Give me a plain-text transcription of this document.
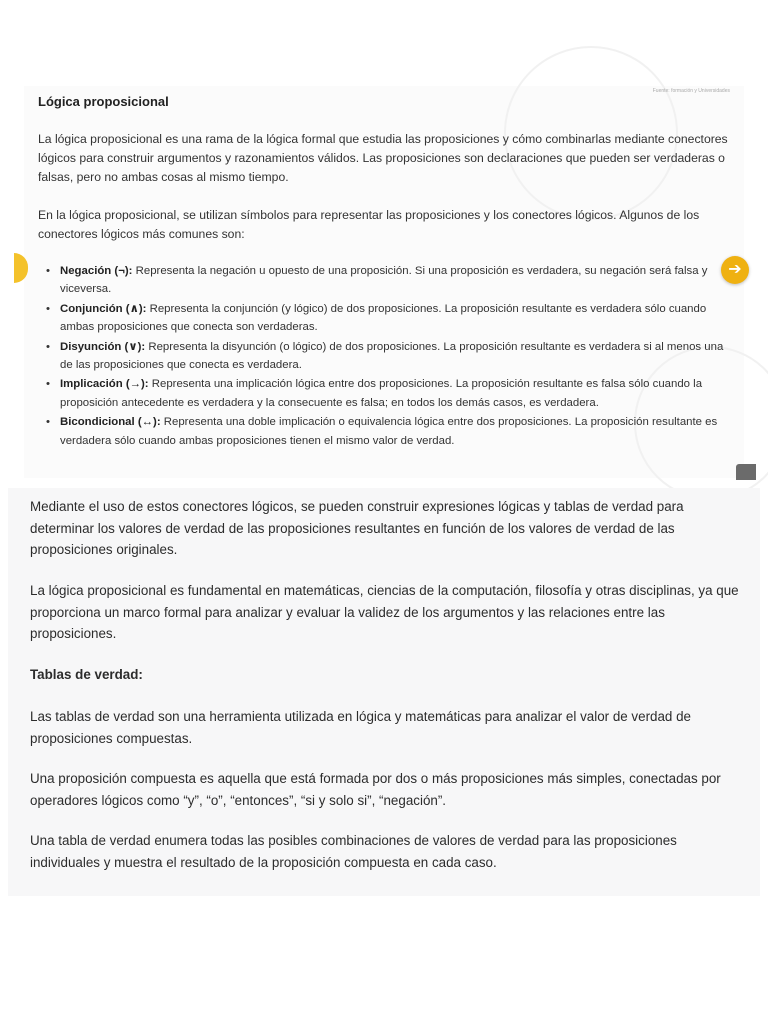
Fuente: formación y Universidades
Lógica proposicional

La lógica proposicional es una rama de la lógica formal que estudia las proposiciones y cómo combinarlas mediante conectores lógicos para construir argumentos y razonamientos válidos. Las proposiciones son declaraciones que pueden ser verdaderas o falsas, pero no ambas cosas al mismo tiempo.

En la lógica proposicional, se utilizan símbolos para representar las proposiciones y los conectores lógicos. Algunos de los conectores lógicos más comunes son:

• Negación (¬): Representa la negación u opuesto de una proposición. Si una proposición es verdadera, su negación será falsa y viceversa.
• Conjunción (∧): Representa la conjunción (y lógico) de dos proposiciones. La proposición resultante es verdadera sólo cuando ambas proposiciones que conecta son verdaderas.
• Disyunción (∨): Representa la disyunción (o lógico) de dos proposiciones. La proposición resultante es verdadera si al menos una de las proposiciones que conecta es verdadera.
• Implicación (→): Representa una implicación lógica entre dos proposiciones. La proposición resultante es falsa sólo cuando la proposición antecedente es verdadera y la consecuente es falsa; en todos los demás casos, es verdadera.
• Bicondicional (↔): Representa una doble implicación o equivalencia lógica entre dos proposiciones. La proposición resultante es verdadera sólo cuando ambas proposiciones tienen el mismo valor de verdad.
➔

Mediante el uso de estos conectores lógicos, se pueden construir expresiones lógicas y tablas de verdad para determinar los valores de verdad de las proposiciones resultantes en función de los valores de verdad de las proposiciones originales.

La lógica proposicional es fundamental en matemáticas, ciencias de la computación, filosofía y otras disciplinas, ya que proporciona un marco formal para analizar y evaluar la validez de los argumentos y las relaciones entre las proposiciones.

Tablas de verdad:

Las tablas de verdad son una herramienta utilizada en lógica y matemáticas para analizar el valor de verdad de proposiciones compuestas.

Una proposición compuesta es aquella que está formada por dos o más proposiciones más simples, conectadas por operadores lógicos como “y”, “o”, “entonces”, “si y solo si”, “negación”.

Una tabla de verdad enumera todas las posibles combinaciones de valores de verdad para las proposiciones individuales y muestra el resultado de la proposición compuesta en cada caso.
